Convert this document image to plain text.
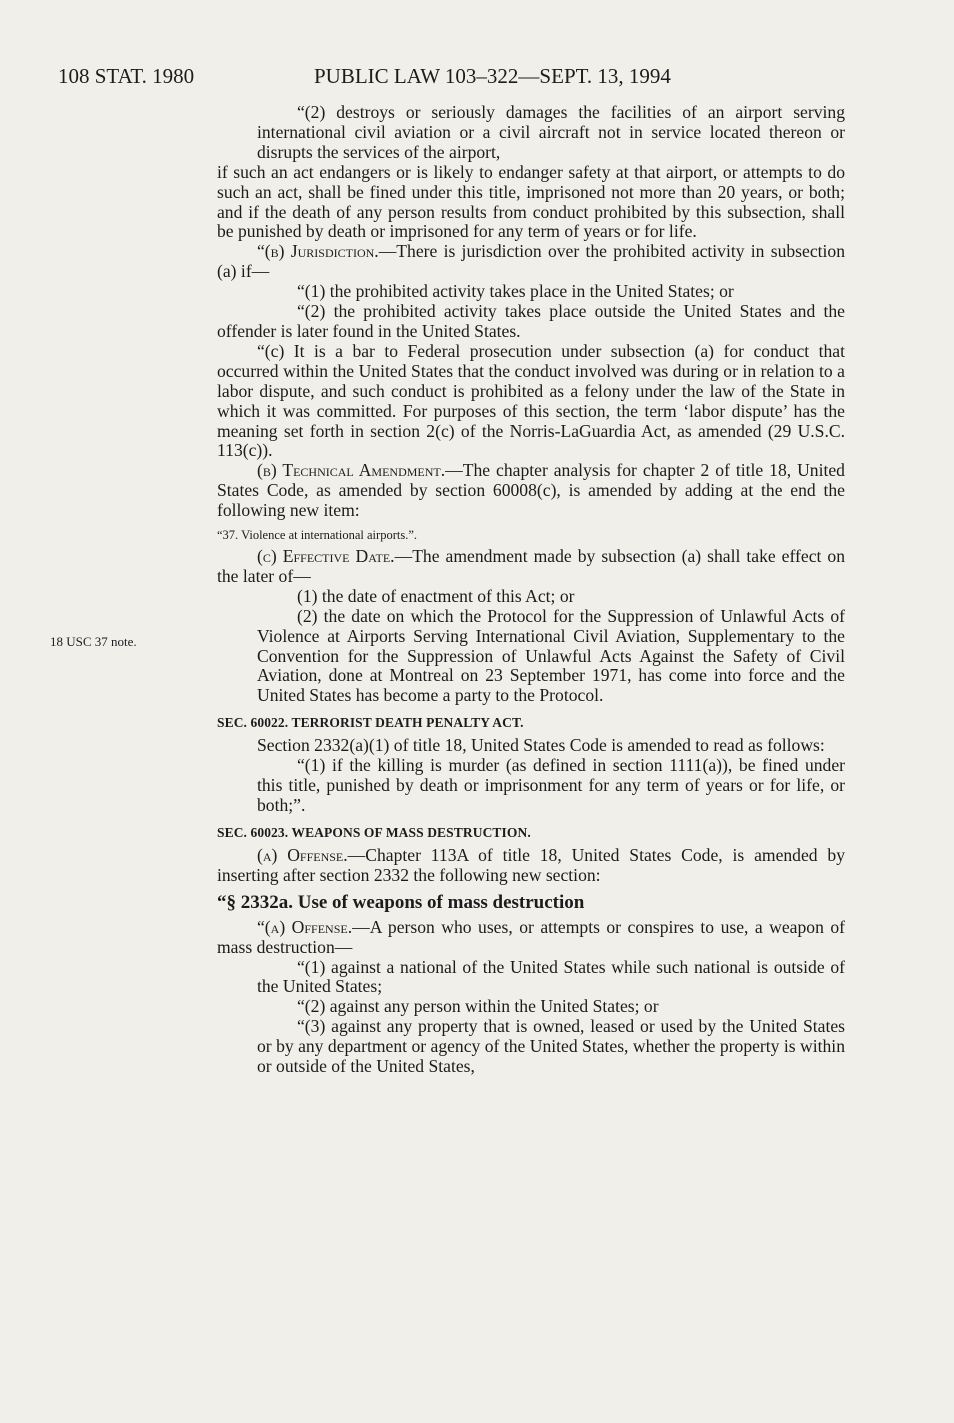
108 STAT. 1980	PUBLIC LAW 103–322—SEPT. 13, 1994
18 USC 37 note.

“(2) destroys or seriously damages the facilities of an airport serving international civil aviation or a civil aircraft not in service located thereon or disrupts the services of the airport,

if such an act endangers or is likely to endanger safety at that airport, or attempts to do such an act, shall be fined under this title, imprisoned not more than 20 years, or both; and if the death of any person results from conduct prohibited by this subsection, shall be punished by death or imprisoned for any term of years or for life.

“(b) Jurisdiction.—There is jurisdiction over the prohibited activity in subsection (a) if—

“(1) the prohibited activity takes place in the United States; or

“(2) the prohibited activity takes place outside the United States and the offender is later found in the United States.

“(c) It is a bar to Federal prosecution under subsection (a) for conduct that occurred within the United States that the conduct involved was during or in relation to a labor dispute, and such conduct is prohibited as a felony under the law of the State in which it was committed. For purposes of this section, the term ‘labor dispute’ has the meaning set forth in section 2(c) of the Norris-LaGuardia Act, as amended (29 U.S.C. 113(c)).

(b) Technical Amendment.—The chapter analysis for chapter 2 of title 18, United States Code, as amended by section 60008(c), is amended by adding at the end the following new item:

“37. Violence at international airports.”.

(c) Effective Date.—The amendment made by subsection (a) shall take effect on the later of—

(1) the date of enactment of this Act; or

(2) the date on which the Protocol for the Suppression of Unlawful Acts of Violence at Airports Serving International Civil Aviation, Supplementary to the Convention for the Suppression of Unlawful Acts Against the Safety of Civil Aviation, done at Montreal on 23 September 1971, has come into force and the United States has become a party to the Protocol.

SEC. 60022. TERRORIST DEATH PENALTY ACT.

Section 2332(a)(1) of title 18, United States Code is amended to read as follows:

“(1) if the killing is murder (as defined in section 1111(a)), be fined under this title, punished by death or imprisonment for any term of years or for life, or both;”.

SEC. 60023. WEAPONS OF MASS DESTRUCTION.

(a) Offense.—Chapter 113A of title 18, United States Code, is amended by inserting after section 2332 the following new section:

“§ 2332a. Use of weapons of mass destruction

“(a) Offense.—A person who uses, or attempts or conspires to use, a weapon of mass destruction—

“(1) against a national of the United States while such national is outside of the United States;

“(2) against any person within the United States; or

“(3) against any property that is owned, leased or used by the United States or by any department or agency of the United States, whether the property is within or outside of the United States,
